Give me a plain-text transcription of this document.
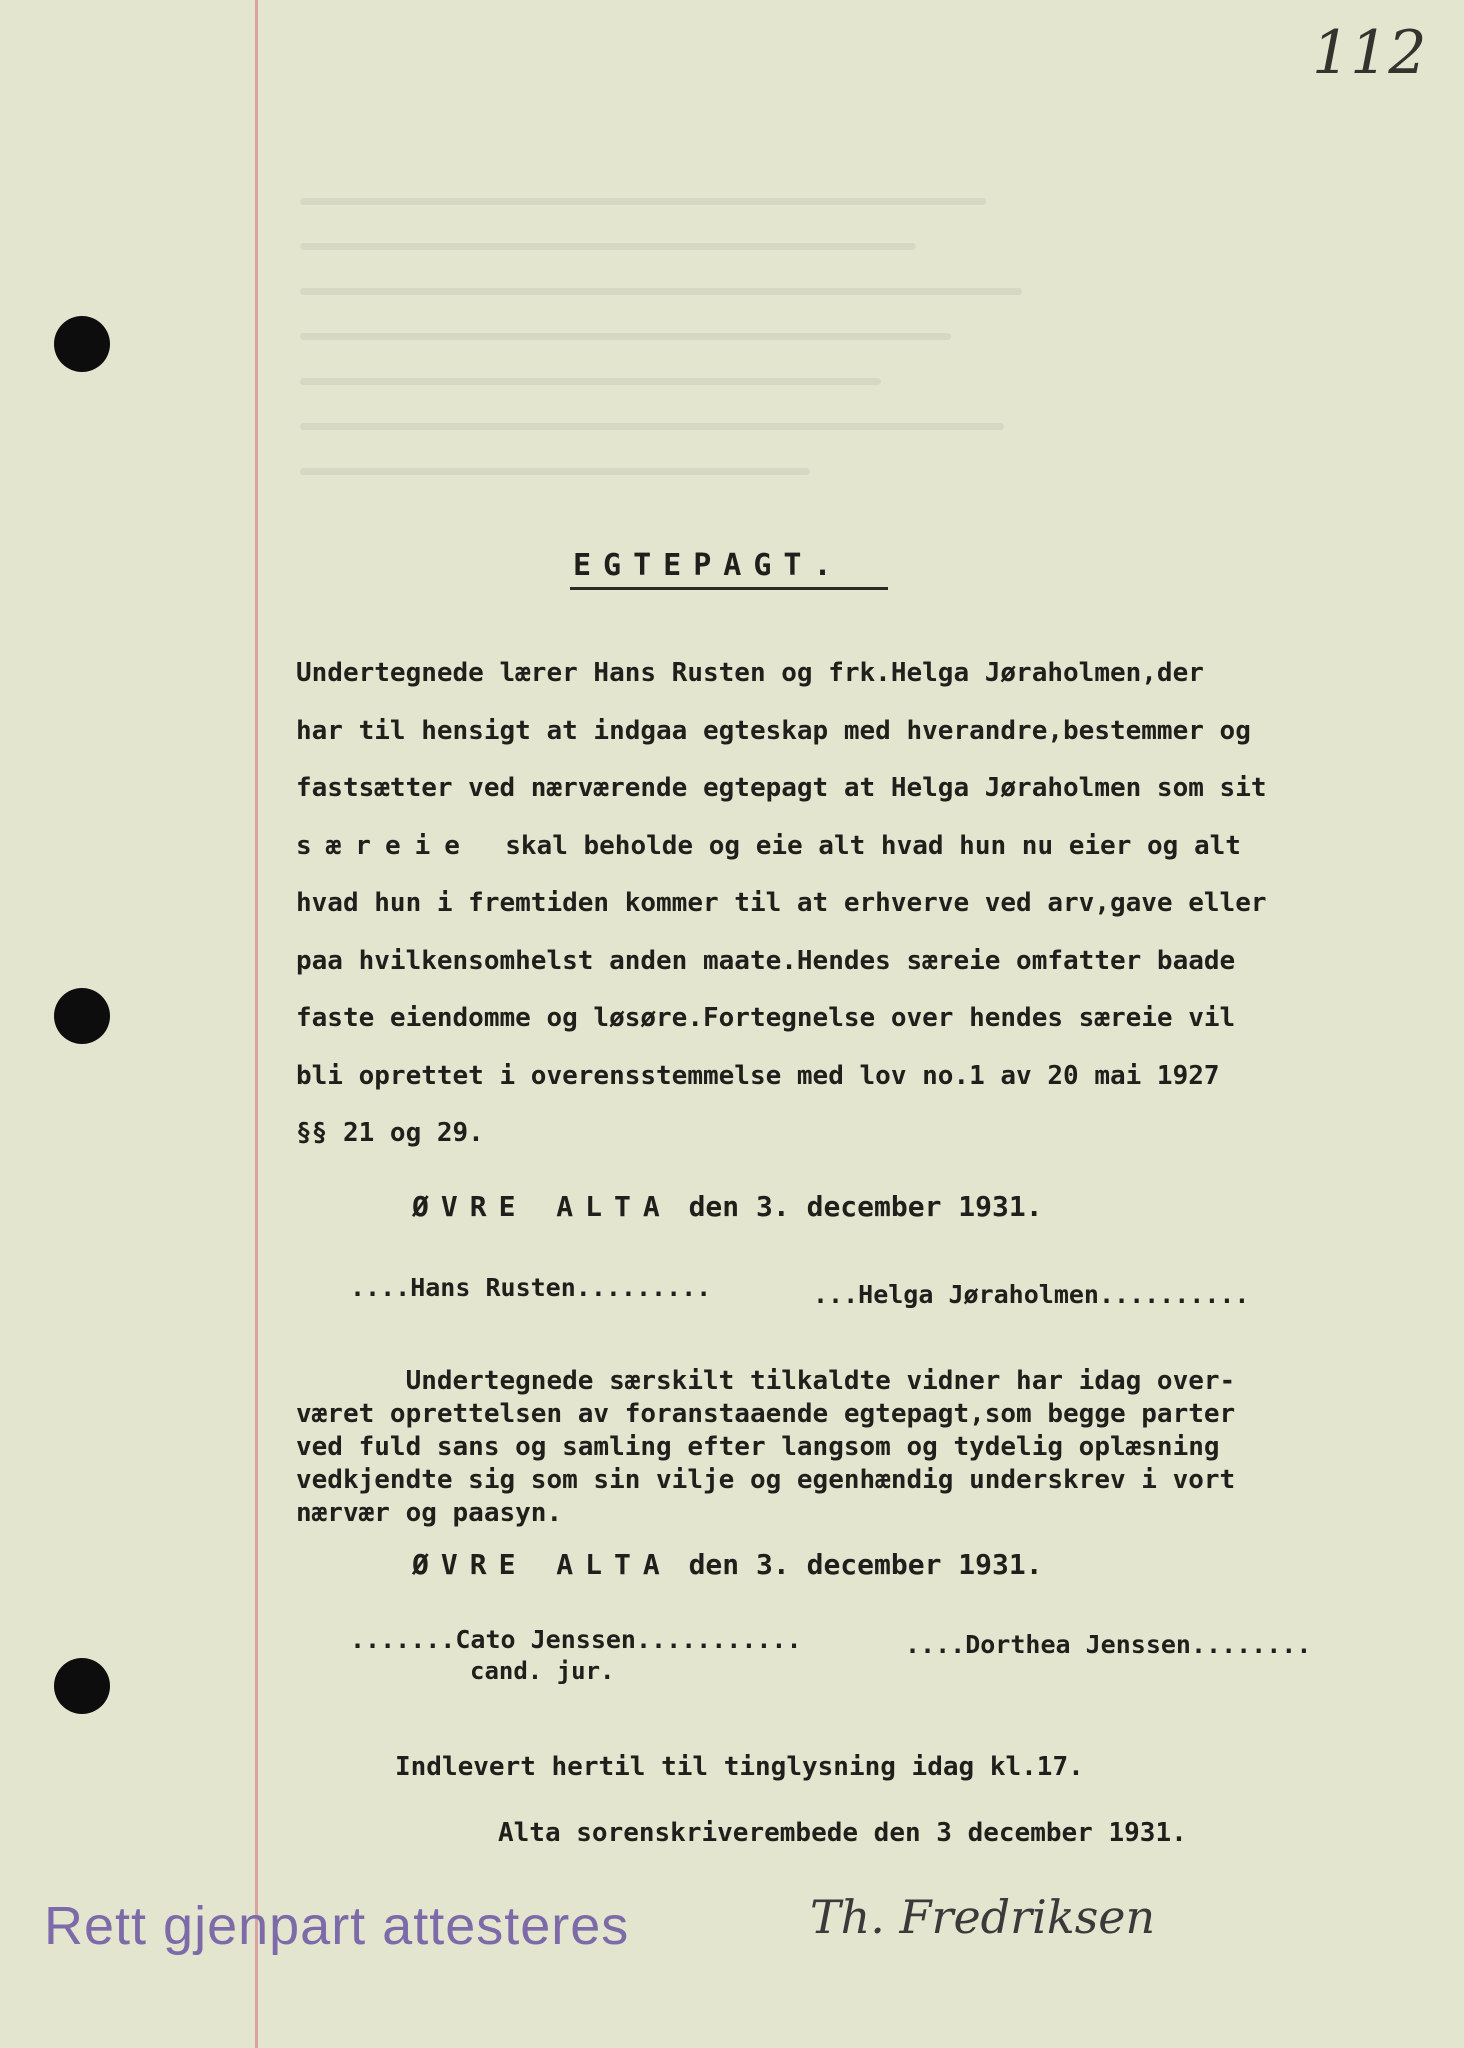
112
EGTEPAGT.
Undertegnede lærer Hans Rusten og frk.Helga Jøraholmen,der
har til hensigt at indgaa egteskap med hverandre,bestemmer og
fastsætter ved nærværende egtepagt at Helga Jøraholmen som sit
særeie skal beholde og eie alt hvad hun nu eier og alt
hvad hun i fremtiden kommer til at erhverve ved arv,gave eller
paa hvilkensomhelst anden maate.Hendes særeie omfatter baade
faste eiendomme og løsøre.Fortegnelse over hendes særeie vil
bli oprettet i overensstemmelse med lov no.1 av 20 mai 1927
§§ 21 og 29.
ØVRE ALTA den 3. december 1931.
....Hans Rusten.........	...Helga Jøraholmen..........
Undertegnede særskilt tilkaldte vidner har idag over-
været oprettelsen av foranstaaende egtepagt,som begge parter
ved fuld sans og samling efter langsom og tydelig oplæsning
vedkjendte sig som sin vilje og egenhændig underskrev i vort
nærvær og paasyn.
ØVRE ALTA den 3. december 1931.
.......Cato Jenssen...........
cand. jur.
....Dorthea Jenssen........
Indlevert hertil til tinglysning idag kl.17.
Alta sorenskriverembede den 3 december 1931.
Rett gjenpart attesteres	Th. Fredriksen
